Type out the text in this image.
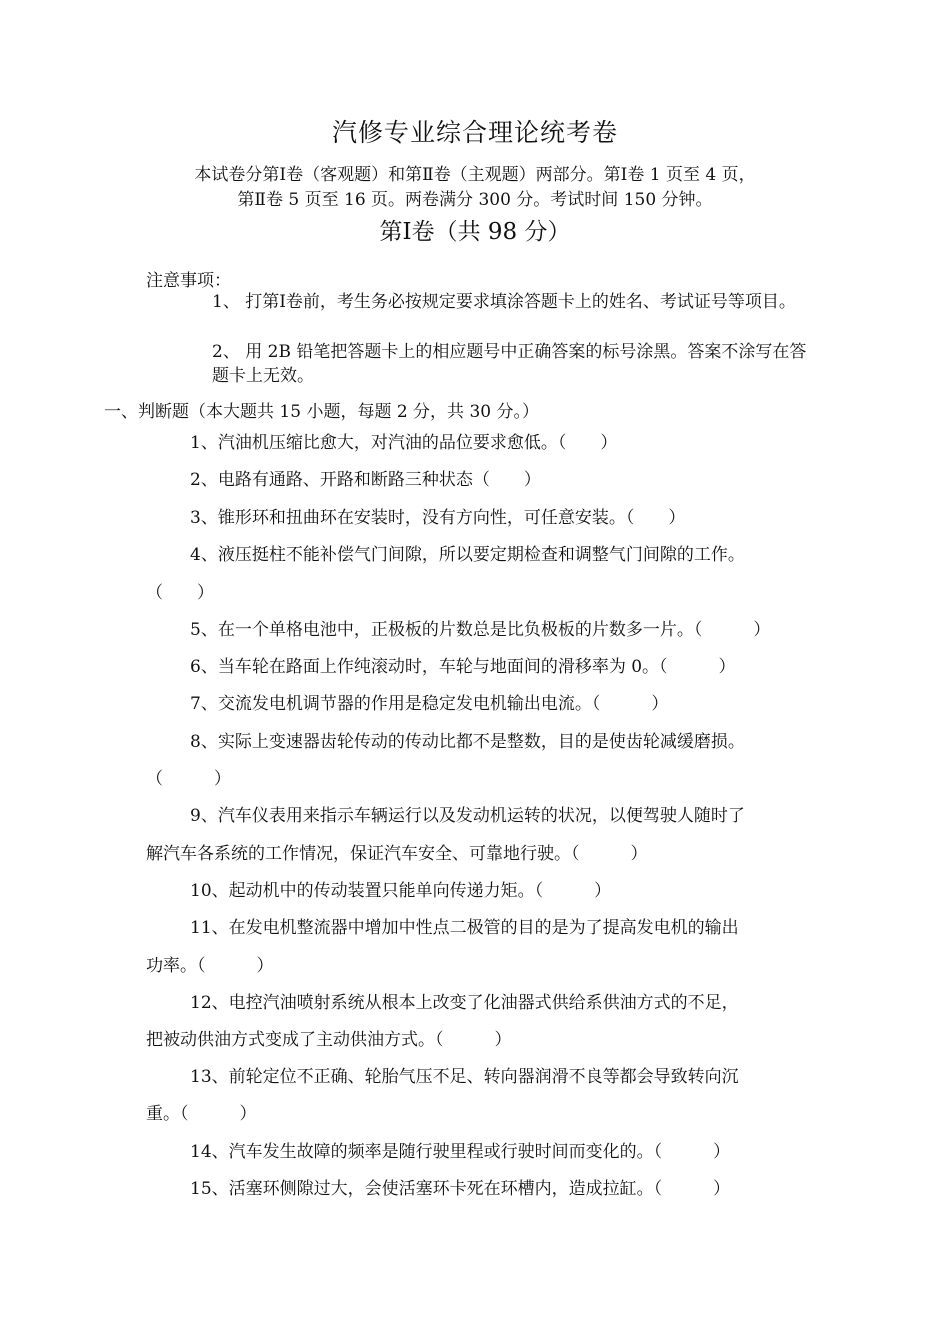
汽修专业综合理论统考卷
本试卷分第Ⅰ卷（客观题）和第Ⅱ卷（主观题）两部分。第Ⅰ卷 1 页至 4 页，
第Ⅱ卷 5 页至 16 页。两卷满分 300 分。考试时间 150 分钟。
第Ⅰ卷（共 98 分）
注意事项：
1、 打第Ⅰ卷前，考生务必按规定要求填涂答题卡上的姓名、考试证号等项目。
2、 用 2B 铅笔把答题卡上的相应题号中正确答案的标号涂黑。答案不涂写在答题卡上无效。
一、判断题（本大题共 15 小题，每题 2 分，共 30 分。）
1、汽油机压缩比愈大，对汽油的品位要求愈低。（　　）
2、电路有通路、开路和断路三种状态（　　）
3、锥形环和扭曲环在安装时，没有方向性，可任意安装。（　　）
4、液压挺柱不能补偿气门间隙，所以要定期检查和调整气门间隙的工作。
（　　）
5、在一个单格电池中，正极板的片数总是比负极板的片数多一片。（　　　）
6、当车轮在路面上作纯滚动时，车轮与地面间的滑移率为 0。（　　　）
7、交流发电机调节器的作用是稳定发电机输出电流。（　　　）
8、实际上变速器齿轮传动的传动比都不是整数，目的是使齿轮减缓磨损。
（　　　）
9、汽车仪表用来指示车辆运行以及发动机运转的状况，以便驾驶人随时了
解汽车各系统的工作情况，保证汽车安全、可靠地行驶。（　　　）
10、起动机中的传动装置只能单向传递力矩。（　　　）
11、在发电机整流器中增加中性点二极管的目的是为了提高发电机的输出
功率。（　　　）
12、电控汽油喷射系统从根本上改变了化油器式供给系供油方式的不足，
把被动供油方式变成了主动供油方式。（　　　）
13、前轮定位不正确、轮胎气压不足、转向器润滑不良等都会导致转向沉
重。（　　　）
14、汽车发生故障的频率是随行驶里程或行驶时间而变化的。（　　　）
15、活塞环侧隙过大，会使活塞环卡死在环槽内，造成拉缸。（　　　）
